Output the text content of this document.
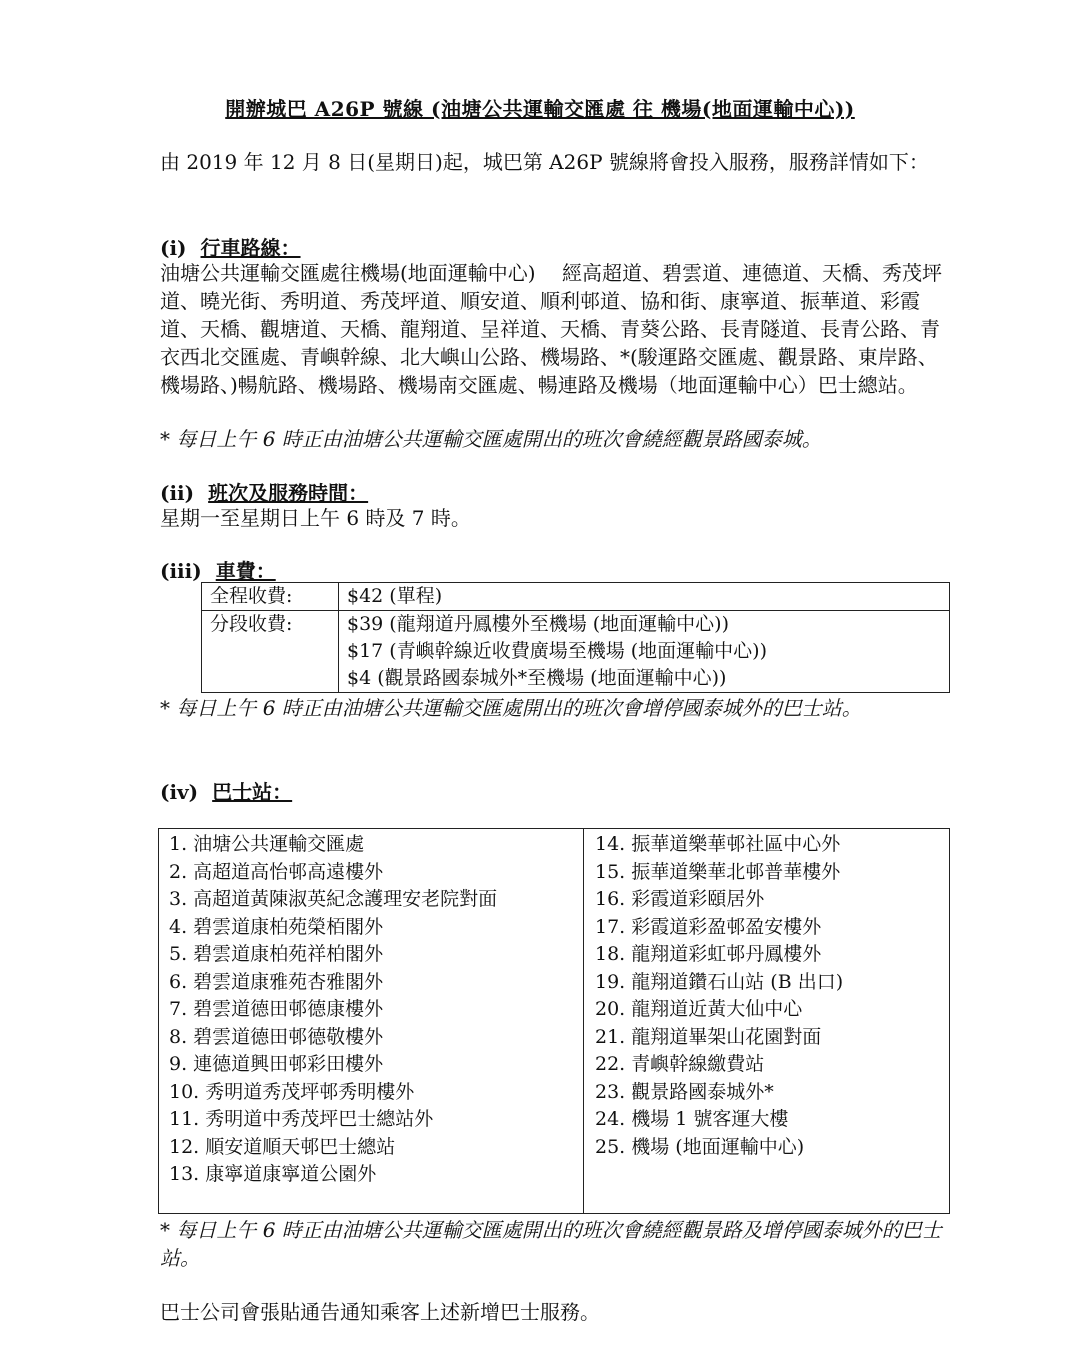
開辦城巴 A26P 號線 (油塘公共運輸交匯處 往 機場(地面運輸中心))
由 2019 年 12 月 8 日(星期日)起，城巴第 A26P 號線將會投入服務，服務詳情如下：
(i) 行車路線：
油塘公共運輸交匯處往機場(地面運輸中心)　 經高超道、碧雲道、連德道、天橋、秀茂坪道、曉光街、秀明道、秀茂坪道、順安道、順利邨道、協和街、康寧道、振華道、彩霞道、天橋、觀塘道、天橋、龍翔道、呈祥道、天橋、青葵公路、長青隧道、長青公路、青衣西北交匯處、青嶼幹線、北大嶼山公路、機場路、*(駿運路交匯處、觀景路、東岸路、機場路、)暢航路、機場路、機場南交匯處、暢連路及機場（地面運輸中心）巴士總站。
* 每日上午 6 時正由油塘公共運輸交匯處開出的班次會繞經觀景路國泰城。
(ii) 班次及服務時間：
星期一至星期日上午 6 時及 7 時。
(iii) 車費：
全程收費:	$42 (單程)
分段收費:	$39 (龍翔道丹鳳樓外至機場 (地面運輸中心))
$17 (青嶼幹線近收費廣場至機場 (地面運輸中心))
$4 (觀景路國泰城外*至機場 (地面運輸中心))
* 每日上午 6 時正由油塘公共運輸交匯處開出的班次會增停國泰城外的巴士站。
(iv) 巴士站：
1. 油塘公共運輸交匯處
2. 高超道高怡邨高遠樓外
3. 高超道黃陳淑英紀念護理安老院對面
4. 碧雲道康柏苑榮栢閣外
5. 碧雲道康柏苑祥柏閣外
6. 碧雲道康雅苑杏雅閣外
7. 碧雲道德田邨德康樓外
8. 碧雲道德田邨德敬樓外
9. 連德道興田邨彩田樓外
10. 秀明道秀茂坪邨秀明樓外
11. 秀明道中秀茂坪巴士總站外
12. 順安道順天邨巴士總站
13. 康寧道康寧道公園外
14. 振華道樂華邨社區中心外
15. 振華道樂華北邨普華樓外
16. 彩霞道彩頤居外
17. 彩霞道彩盈邨盈安樓外
18. 龍翔道彩虹邨丹鳳樓外
19. 龍翔道鑽石山站 (B 出口)
20. 龍翔道近黃大仙中心
21. 龍翔道畢架山花園對面
22. 青嶼幹線繳費站
23. 觀景路國泰城外*
24. 機場 1 號客運大樓
25. 機場 (地面運輸中心)
* 每日上午 6 時正由油塘公共運輸交匯處開出的班次會繞經觀景路及增停國泰城外的巴士站。
巴士公司會張貼通告通知乘客上述新增巴士服務。
